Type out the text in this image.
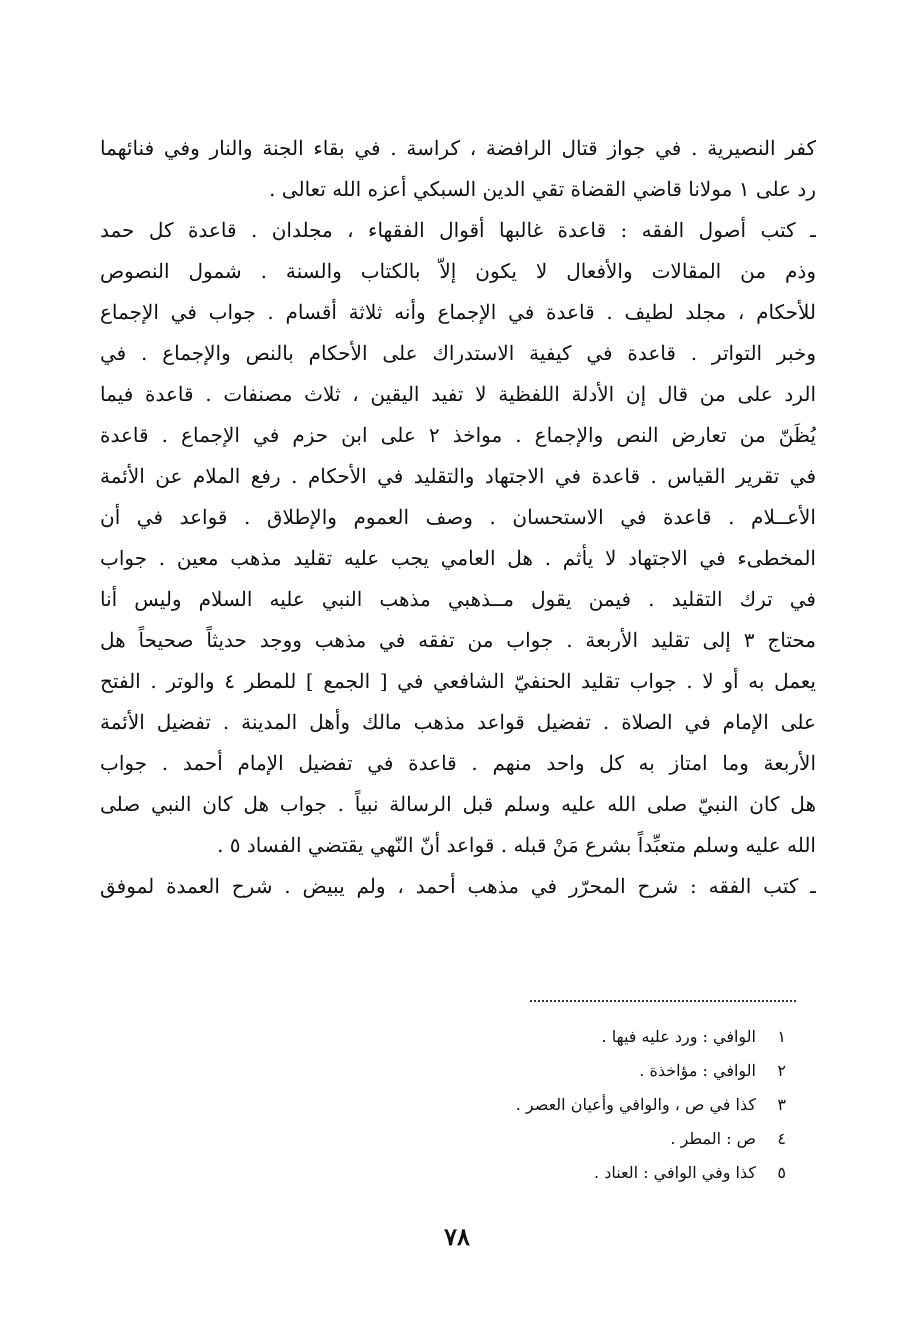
كفر النصيرية . في جواز قتال الرافضة ، كراسة . في بقاء الجنة والنار وفي فنائهما
رد على ١ مولانا قاضي القضاة تقي الدين السبكي أعزه الله تعالى .
ـ كتب أصول الفقه : قاعدة غالبها أقوال الفقهاء ، مجلدان . قاعدة كل حمد
وذم من المقالات والأفعال لا يكون إلاّ بالكتاب والسنة . شمول النصوص
للأحكام ، مجلد لطيف . قاعدة في الإجماع وأنه ثلاثة أقسام . جواب في الإجماع
وخبر التواتر . قاعدة في كيفية الاستدراك على الأحكام بالنص والإجماع . في
الرد على من قال إن الأدلة اللفظية لا تفيد اليقين ، ثلاث مصنفات . قاعدة فيما
يُظَنّ من تعارض النص والإجماع . مواخذ ٢ على ابن حزم في الإجماع . قاعدة
في تقرير القياس . قاعدة في الاجتهاد والتقليد في الأحكام . رفع الملام عن الأئمة
الأعــلام . قاعدة في الاستحسان . وصف العموم والإطلاق . قواعد في أن
المخطىء في الاجتهاد لا يأثم . هل العامي يجب عليه تقليد مذهب معين . جواب
في ترك التقليد . فيمن يقول مــذهبي مذهب النبي عليه السلام وليس أنا
محتاج ٣ إلى تقليد الأربعة . جواب من تفقه في مذهب ووجد حديثاً صحيحاً هل
يعمل به أو لا . جواب تقليد الحنفيّ الشافعي في [ الجمع ] للمطر ٤ والوتر . الفتح
على الإمام في الصلاة . تفضيل قواعد مذهب مالك وأهل المدينة . تفضيل الأئمة
الأربعة وما امتاز به كل واحد منهم . قاعدة في تفضيل الإمام أحمد . جواب
هل كان النبيّ صلى الله عليه وسلم قبل الرسالة نبياً . جواب هل كان النبي صلى
الله عليه وسلم متعبِّداً بشرع مَنْ قبله . قواعد أنّ النّهي يقتضي الفساد ٥ .
ـ كتب الفقه : شرح المحرّر في مذهب أحمد ، ولم يبيض . شرح العمدة لموفق
١الوافي : ورد عليه فيها .
٢الوافي : مؤاخذة .
٣كذا في ص ، والوافي وأعيان العصر .
٤ص : المطر .
٥كذا وفي الوافي : العناد .
٧٨
